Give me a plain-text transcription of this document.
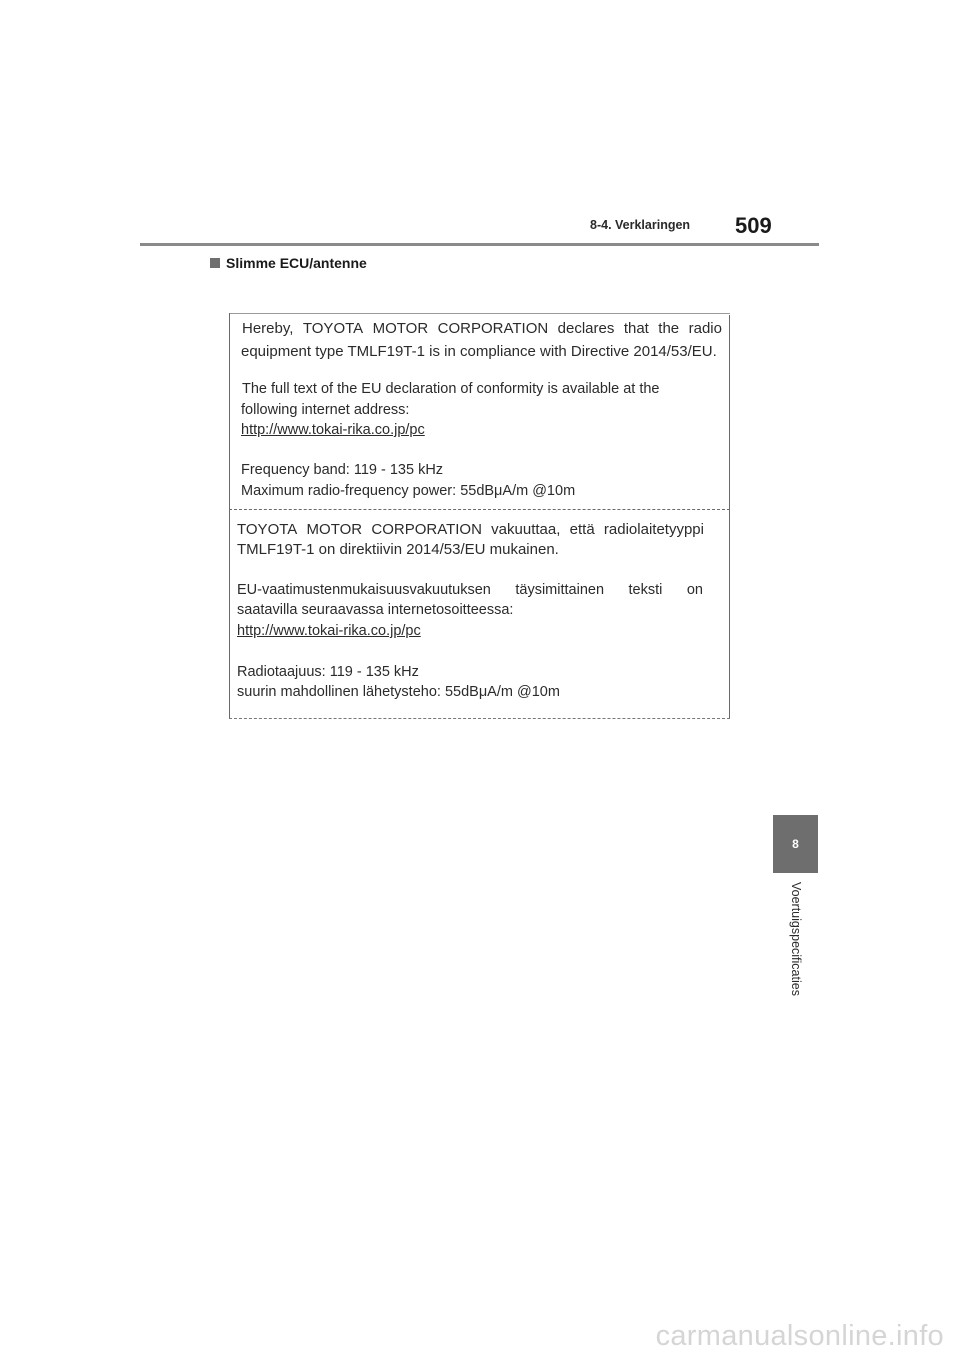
8-4. Verklaringen 509
Slimme ECU/antenne
Hereby, TOYOTA MOTOR CORPORATION declares that the radio
equipment type TMLF19T-1 is in compliance with Directive 2014/53/EU.
The full text of the EU declaration of conformity is available at the
following internet address:
http://www.tokai-rika.co.jp/pc
Frequency band: 119 - 135 kHz
Maximum radio-frequency power: 55dBμA/m @10m
TOYOTA MOTOR CORPORATION vakuuttaa, että radiolaitetyyppi
TMLF19T-1 on direktiivin 2014/53/EU mukainen.
EU-vaatimustenmukaisuusvakuutuksen täysimittainen teksti on
saatavilla seuraavassa internetosoitteessa:
http://www.tokai-rika.co.jp/pc
Radiotaajuus: 119 - 135 kHz
suurin mahdollinen lähetysteho: 55dBμA/m @10m
8
Voertuigspecificaties
carmanualsonline.info
